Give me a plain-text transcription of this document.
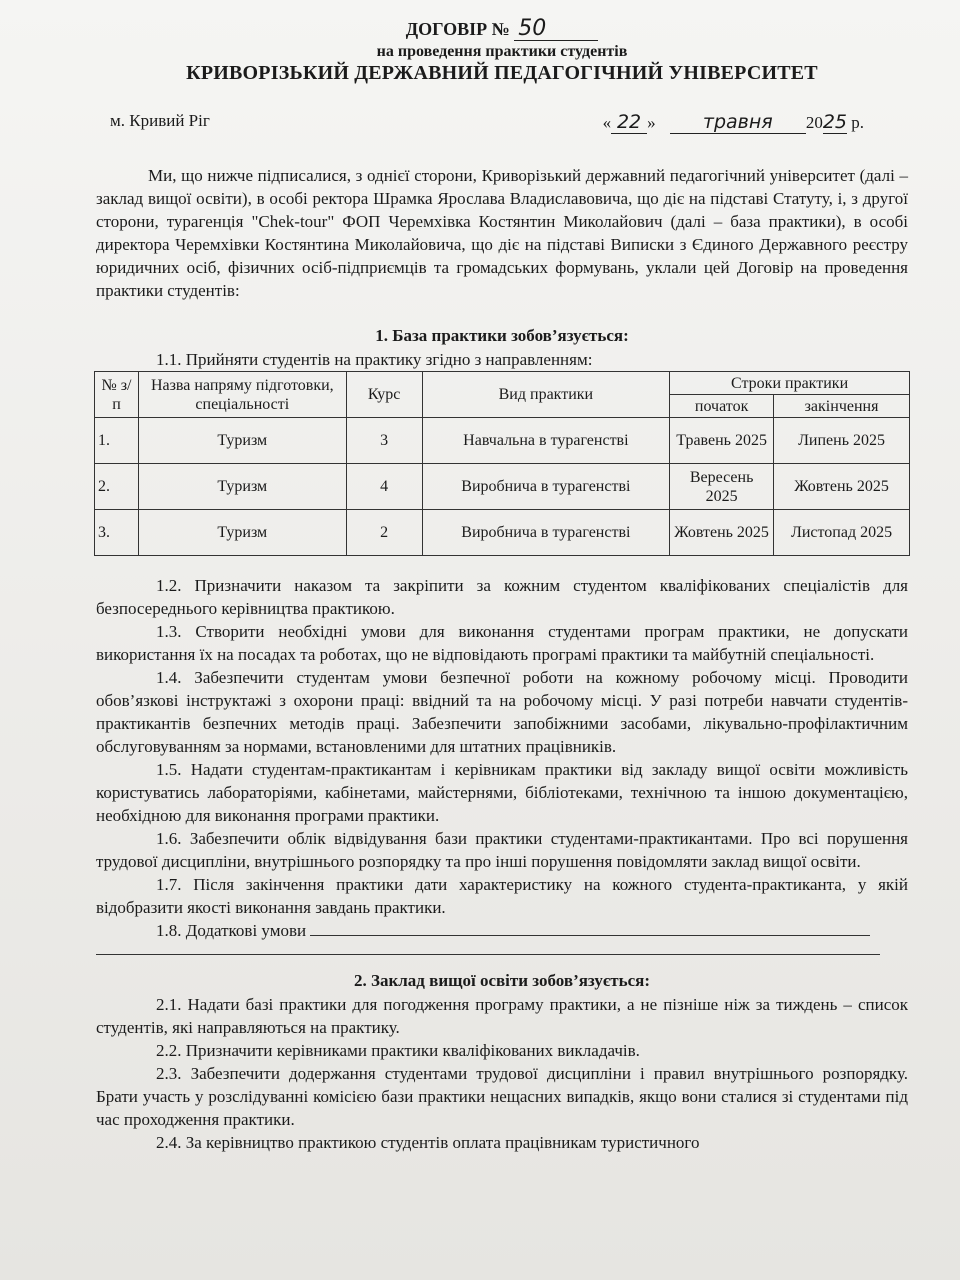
ДОГОВІР № 50
на проведення практики студентів
КРИВОРІЗЬКИЙ ДЕРЖАВНИЙ ПЕДАГОГІЧНИЙ УНІВЕРСИТЕТ
м. Кривий Ріг	« 22 » травня 2025 р.
Ми, що нижче підписалися, з однієї сторони, Криворізький державний педагогічний університет (далі – заклад вищої освіти), в особі ректора Шрамка Ярослава Владиславовича, що діє на підставі Статуту, і, з другої сторони, турагенція "Chek-tour" ФОП Черемхівка Костянтин Миколайович (далі – база практики), в особі директора Черемхівки Костянтина Миколайовича, що діє на підставі Виписки з Єдиного Державного реєстру юридичних осіб, фізичних осіб-підприємців та громадських формувань, уклали цей Договір на проведення практики студентів:
1. База практики зобов’язується:

1.1. Прийняти студентів на практику згідно з направленням:

№ з/п	Назва напряму підготовки, спеціальності	Курс	Вид практики	Строки практики	
				початок	закінчення
1.	Туризм	3	Навчальна в турагенстві	Травень 2025	Липень 2025
2.	Туризм	4	Виробнича в турагенстві	Вересень 2025	Жовтень 2025
3.	Туризм	2	Виробнича в турагенстві	Жовтень 2025	Листопад 2025

1.2. Призначити наказом та закріпити за кожним студентом кваліфікованих спеціалістів для безпосереднього керівництва практикою.

1.3. Створити необхідні умови для виконання студентами програм практики, не допускати використання їх на посадах та роботах, що не відповідають програмі практики та майбутній спеціальності.

1.4. Забезпечити студентам умови безпечної роботи на кожному робочому місці. Проводити обов’язкові інструктажі з охорони праці: ввідний та на робочому місці. У разі потреби навчати студентів-практикантів безпечних методів праці. Забезпечити запобіжними засобами, лікувально-профілактичним обслуговуванням за нормами, встановленими для штатних працівників.

1.5. Надати студентам-практикантам і керівникам практики від закладу вищої освіти можливість користуватись лабораторіями, кабінетами, майстернями, бібліотеками, технічною та іншою документацією, необхідною для виконання програми практики.

1.6. Забезпечити облік відвідування бази практики студентами-практикантами. Про всі порушення трудової дисципліни, внутрішнього розпорядку та про інші порушення повідомляти заклад вищої освіти.

1.7. Після закінчення практики дати характеристику на кожного студента-практиканта, у якій відобразити якості виконання завдань практики.

1.8. Додаткові умови

2. Заклад вищої освіти зобов’язується:

2.1. Надати базі практики для погодження програму практики, а не пізніше ніж за тиждень – список студентів, які направляються на практику.

2.2. Призначити керівниками практики кваліфікованих викладачів.

2.3. Забезпечити додержання студентами трудової дисципліни і правил внутрішнього розпорядку. Брати участь у розслідуванні комісією бази практики нещасних випадків, якщо вони сталися зі студентами під час проходження практики.

2.4. За керівництво практикою студентів оплата працівникам туристичного
